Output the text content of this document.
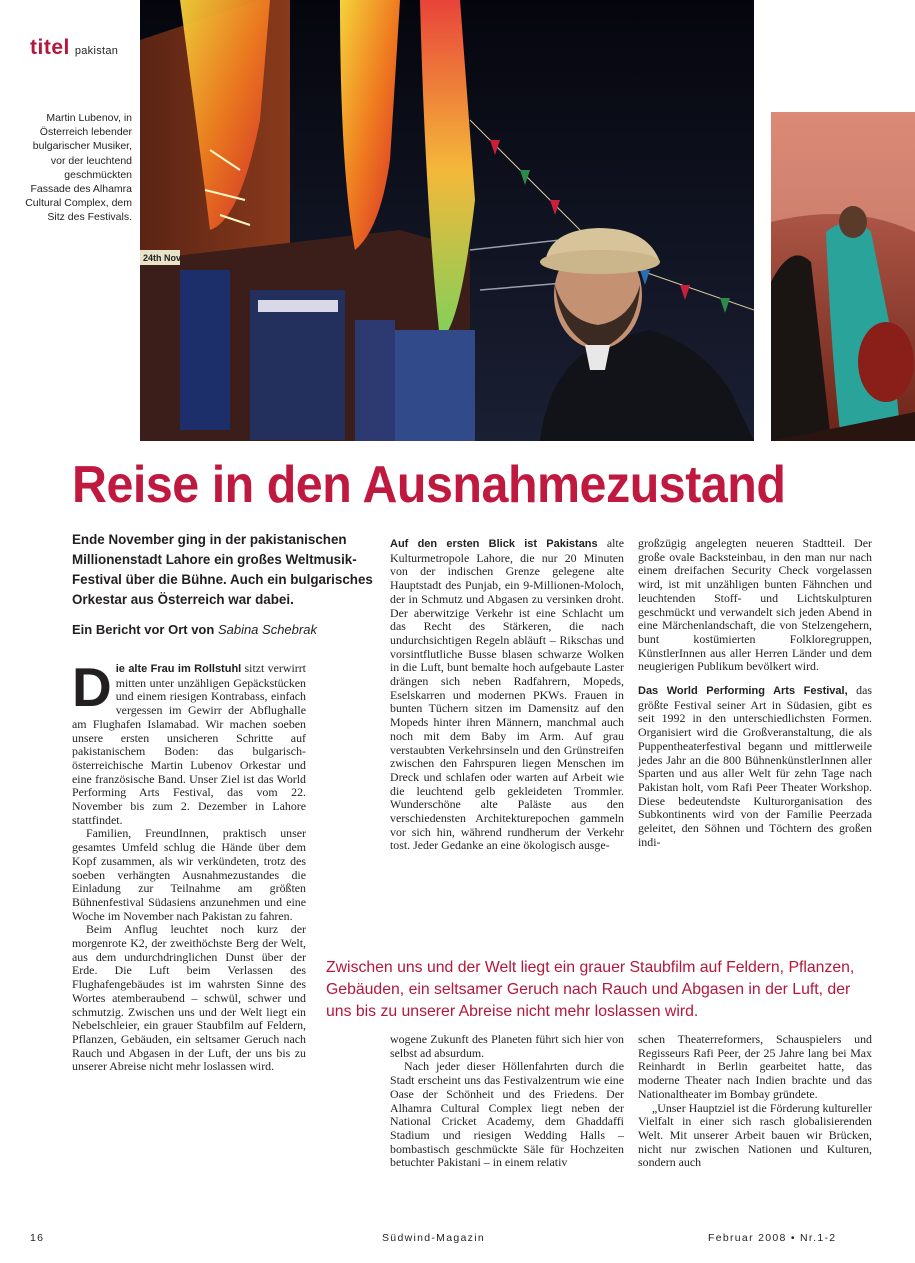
titel pakistan
Martin Lubenov, in Österreich lebender bulgarischer Musiker, vor der leuchtend geschmückten Fassade des Alhamra Cultural Complex, dem Sitz des Festivals.
24th Nov
Reise in den Ausnahmezustand
Ende November ging in der pakistanischen Millionenstadt Lahore ein großes Weltmusik-Festival über die Bühne. Auch ein bulgarisches Orkestar aus Österreich war dabei.
Ein Bericht vor Ort von Sabina Schebrak

Die alte Frau im Rollstuhl sitzt verwirrt mitten unter unzähligen Gepäckstücken und einem riesigen Kontrabass, einfach vergessen im Gewirr der Abflughalle am Flughafen Islamabad. Wir machen soeben unsere ersten unsicheren Schritte auf pakistanischem Boden: das bulgarisch-österreichische Martin Lubenov Orkestar und eine französische Band. Unser Ziel ist das World Performing Arts Festival, das vom 22. November bis zum 2. Dezember in Lahore stattfindet.

Familien, FreundInnen, praktisch unser gesamtes Umfeld schlug die Hände über dem Kopf zusammen, als wir verkündeten, trotz des soeben verhängten Ausnahmezustandes die Einladung zur Teilnahme am größten Bühnenfestival Südasiens anzunehmen und eine Woche im November nach Pakistan zu fahren.

Beim Anflug leuchtet noch kurz der morgenrote K2, der zweithöchste Berg der Welt, aus dem undurchdringlichen Dunst über der Erde. Die Luft beim Verlassen des Flughafengebäudes ist im wahrsten Sinne des Wortes atemberaubend – schwül, schwer und schmutzig. Zwischen uns und der Welt liegt ein Nebelschleier, ein grauer Staubfilm auf Feldern, Pflanzen, Gebäuden, ein seltsamer Geruch nach Rauch und Abgasen in der Luft, der uns bis zu unserer Abreise nicht mehr loslassen wird.

Auf den ersten Blick ist Pakistans alte Kulturmetropole Lahore, die nur 20 Minuten von der indischen Grenze gelegene alte Hauptstadt des Punjab, ein 9-Millionen-Moloch, der in Schmutz und Abgasen zu versinken droht. Der aberwitzige Verkehr ist eine Schlacht um das Recht des Stärkeren, die nach undurchsichtigen Regeln abläuft – Rikschas und vorsintflutliche Busse blasen schwarze Wolken in die Luft, bunt bemalte hoch aufgebaute Laster drängen sich neben Radfahrern, Mopeds, Eselskarren und modernen PKWs. Frauen in bunten Tüchern sitzen im Damensitz auf den Mopeds hinter ihren Männern, manchmal auch noch mit dem Baby im Arm. Auf grau verstaubten Verkehrsinseln und den Grünstreifen zwischen den Fahrspuren liegen Menschen im Dreck und schlafen oder warten auf Arbeit wie die leuchtend gelb gekleideten Trommler. Wunderschöne alte Paläste aus den verschiedensten Architekturepochen gammeln vor sich hin, während rundherum der Verkehr tost. Jeder Gedanke an eine ökologisch ausge-

großzügig angelegten neueren Stadtteil. Der große ovale Backsteinbau, in den man nur nach einem dreifachen Security Check vorgelassen wird, ist mit unzähligen bunten Fähnchen und leuchtenden Stoff- und Lichtskulpturen geschmückt und verwandelt sich jeden Abend in eine Märchenlandschaft, die von Stelzengehern, bunt kostümierten Folkloregruppen, KünstlerInnen aus aller Herren Länder und dem neugierigen Publikum bevölkert wird.

Das World Performing Arts Festival, das größte Festival seiner Art in Südasien, gibt es seit 1992 in den unterschiedlichsten Formen. Organisiert wird die Großveranstaltung, die als Puppentheaterfestival begann und mittlerweile jedes Jahr an die 800 BühnenkünstlerInnen aller Sparten und aus aller Welt für zehn Tage nach Pakistan holt, vom Rafi Peer Theater Workshop. Diese bedeutendste Kulturorganisation des Subkontinents wird von der Familie Peerzada geleitet, den Söhnen und Töchtern des großen indi-

Zwischen uns und der Welt liegt ein grauer Staubfilm auf Feldern, Pflanzen, Gebäuden, ein seltsamer Geruch nach Rauch und Abgasen in der Luft, der uns bis zu unserer Abreise nicht mehr loslassen wird.

wogene Zukunft des Planeten führt sich hier von selbst ad absurdum.

Nach jeder dieser Höllenfahrten durch die Stadt erscheint uns das Festivalzentrum wie eine Oase der Schönheit und des Friedens. Der Alhamra Cultural Complex liegt neben der National Cricket Academy, dem Ghaddaffi Stadium und riesigen Wedding Halls – bombastisch geschmückte Säle für Hochzeiten betuchter Pakistani – in einem relativ

schen Theaterreformers, Schauspielers und Regisseurs Rafi Peer, der 25 Jahre lang bei Max Reinhardt in Berlin gearbeitet hatte, das moderne Theater nach Indien brachte und das Nationaltheater im Bombay gründete.

„Unser Hauptziel ist die Förderung kultureller Vielfalt in einer sich rasch globalisierenden Welt. Mit unserer Arbeit bauen wir Brücken, nicht nur zwischen Nationen und Kulturen, sondern auch

16	Südwind-Magazin	Februar 2008 • Nr.1-2
